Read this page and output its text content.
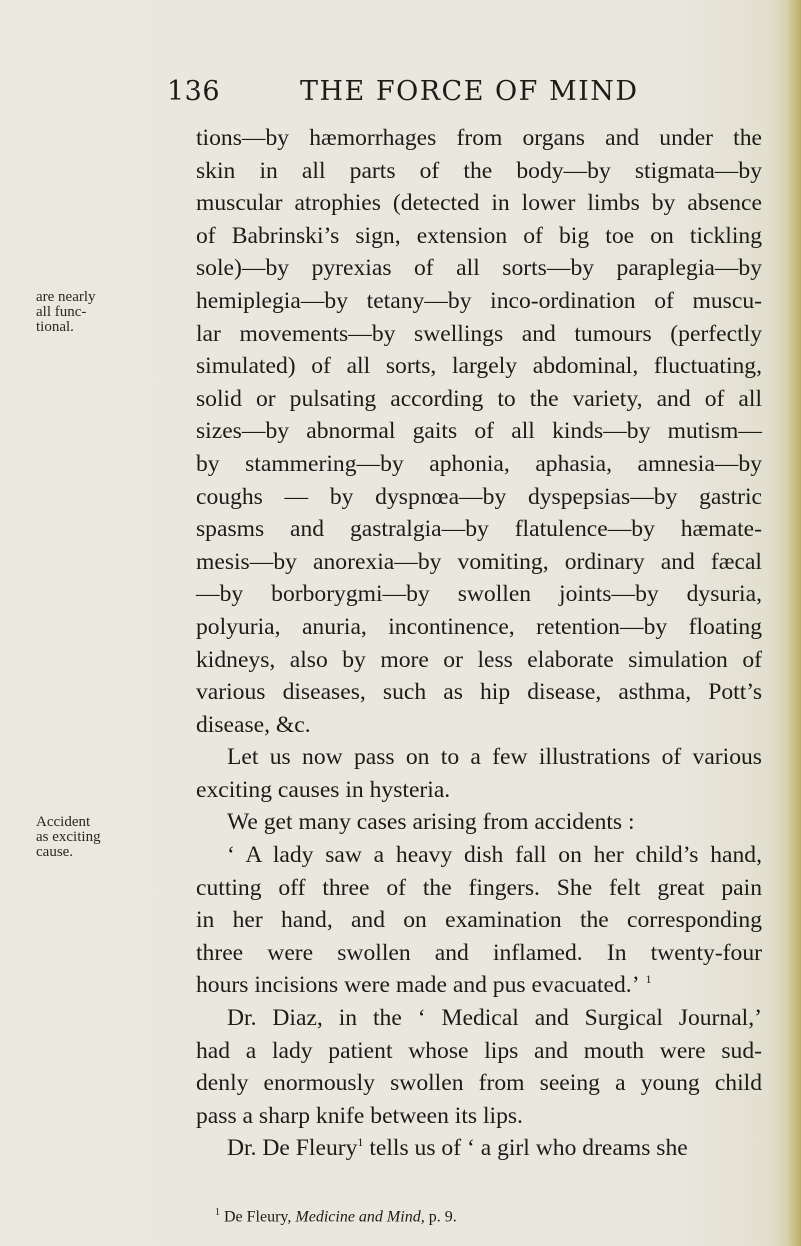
136	THE FORCE OF MIND
are nearly
all func-
tional.
Accident
as exciting
cause.
tions—by hæmorrhages from organs and under the
skin in all parts of the body—by stigmata—by
muscular atrophies (detected in lower limbs by absence
of Babrinski’s sign, extension of big toe on tickling
sole)—by pyrexias of all sorts—by paraplegia—by
hemiplegia—by tetany—by inco-ordination of muscu-
lar movements—by swellings and tumours (perfectly
simulated) of all sorts, largely abdominal, fluctuating,
solid or pulsating according to the variety, and of all
sizes—by abnormal gaits of all kinds—by mutism—
by stammering—by aphonia, aphasia, amnesia—by
coughs — by dyspnœa—by dyspepsias—by gastric
spasms and gastralgia—by flatulence—by hæmate-
mesis—by anorexia—by vomiting, ordinary and fæcal
—by borborygmi—by swollen joints—by dysuria,
polyuria, anuria, incontinence, retention—by floating
kidneys, also by more or less elaborate simulation of
various diseases, such as hip disease, asthma, Pott’s
disease, &c.
Let us now pass on to a few illustrations of various
exciting causes in hysteria.
We get many cases arising from accidents :
‘ A lady saw a heavy dish fall on her child’s hand,
cutting off three of the fingers. She felt great pain
in her hand, and on examination the corresponding
three were swollen and inflamed. In twenty-four
hours incisions were made and pus evacuated.’ $^1$
Dr. Diaz, in the ‘ Medical and Surgical Journal,’
had a lady patient whose lips and mouth were sud-
denly enormously swollen from seeing a young child
pass a sharp knife between its lips.
Dr. De Fleury$^1$ tells us of ‘ a girl who dreams she
$^1$ De Fleury, Medicine and Mind, p. 9.
